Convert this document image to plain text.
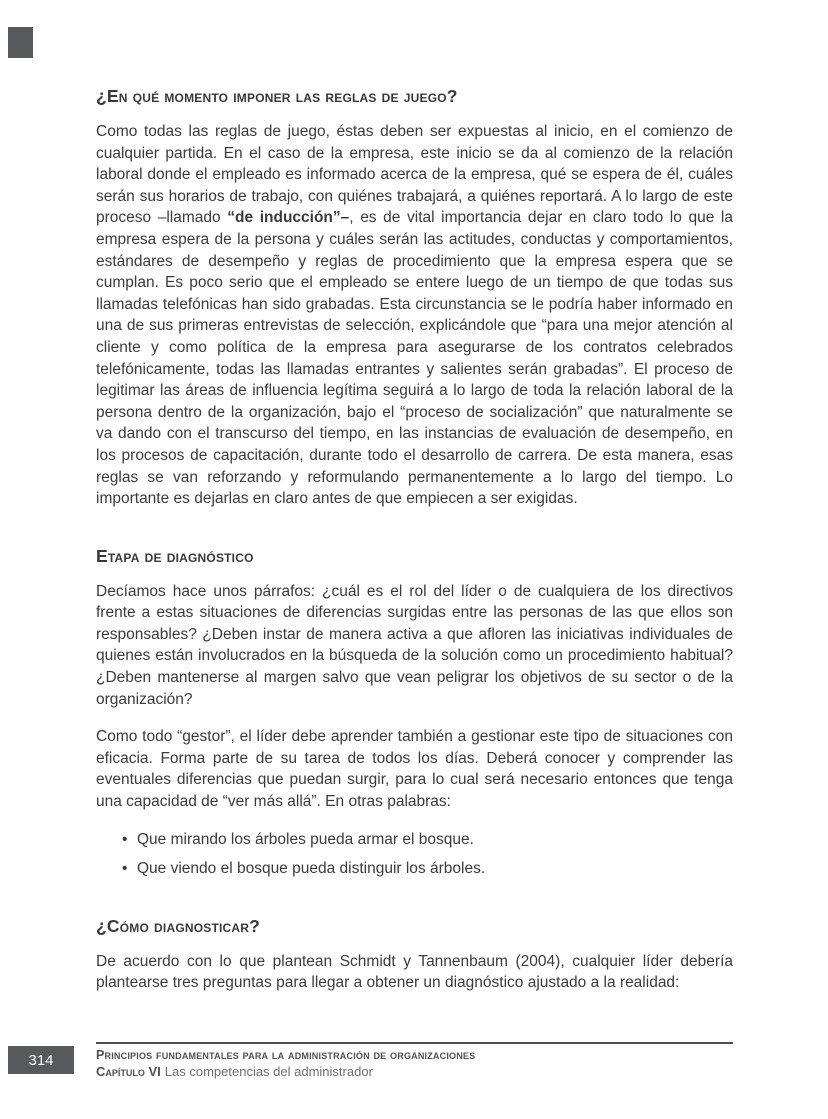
¿En qué momento imponer las reglas de juego?

Como todas las reglas de juego, éstas deben ser expuestas al inicio, en el comienzo de cualquier partida. En el caso de la empresa, este inicio se da al comienzo de la relación laboral donde el empleado es informado acerca de la empresa, qué se espera de él, cuáles serán sus horarios de trabajo, con quiénes trabajará, a quiénes reportará. A lo largo de este proceso –llamado “de inducción”–, es de vital importancia dejar en claro todo lo que la empresa espera de la persona y cuáles serán las actitudes, conductas y comportamientos, estándares de desempeño y reglas de procedimiento que la empresa espera que se cumplan. Es poco serio que el empleado se entere luego de un tiempo de que todas sus llamadas telefónicas han sido grabadas. Esta circunstancia se le podría haber informado en una de sus primeras entrevistas de selección, explicándole que “para una mejor atención al cliente y como política de la empresa para asegurarse de los contratos celebrados telefónicamente, todas las llamadas entrantes y salientes serán grabadas”. El proceso de legitimar las áreas de influencia legítima seguirá a lo largo de toda la relación laboral de la persona dentro de la organización, bajo el “proceso de socialización” que naturalmente se va dando con el transcurso del tiempo, en las instancias de evaluación de desempeño, en los procesos de capacitación, durante todo el desarrollo de carrera. De esta manera, esas reglas se van reforzando y reformulando permanentemente a lo largo del tiempo. Lo importante es dejarlas en claro antes de que empiecen a ser exigidas.

Etapa de diagnóstico

Decíamos hace unos párrafos: ¿cuál es el rol del líder o de cualquiera de los directivos frente a estas situaciones de diferencias surgidas entre las personas de las que ellos son responsables? ¿Deben instar de manera activa a que afloren las iniciativas individuales de quienes están involucrados en la búsqueda de la solución como un procedimiento habitual? ¿Deben mantenerse al margen salvo que vean peligrar los objetivos de su sector o de la organización?

Como todo “gestor”, el líder debe aprender también a gestionar este tipo de situaciones con eficacia. Forma parte de su tarea de todos los días. Deberá conocer y comprender las eventuales diferencias que puedan surgir, para lo cual será necesario entonces que tenga una capacidad de “ver más allá”. En otras palabras:

• Que mirando los árboles pueda armar el bosque.
• Que viendo el bosque pueda distinguir los árboles.
¿Cómo diagnosticar?

De acuerdo con lo que plantean Schmidt y Tannenbaum (2004), cualquier líder debería plantearse tres preguntas para llegar a obtener un diagnóstico ajustado a la realidad:

314	Principios fundamentales para la administración de organizaciones
Capítulo VI Las competencias del administrador
